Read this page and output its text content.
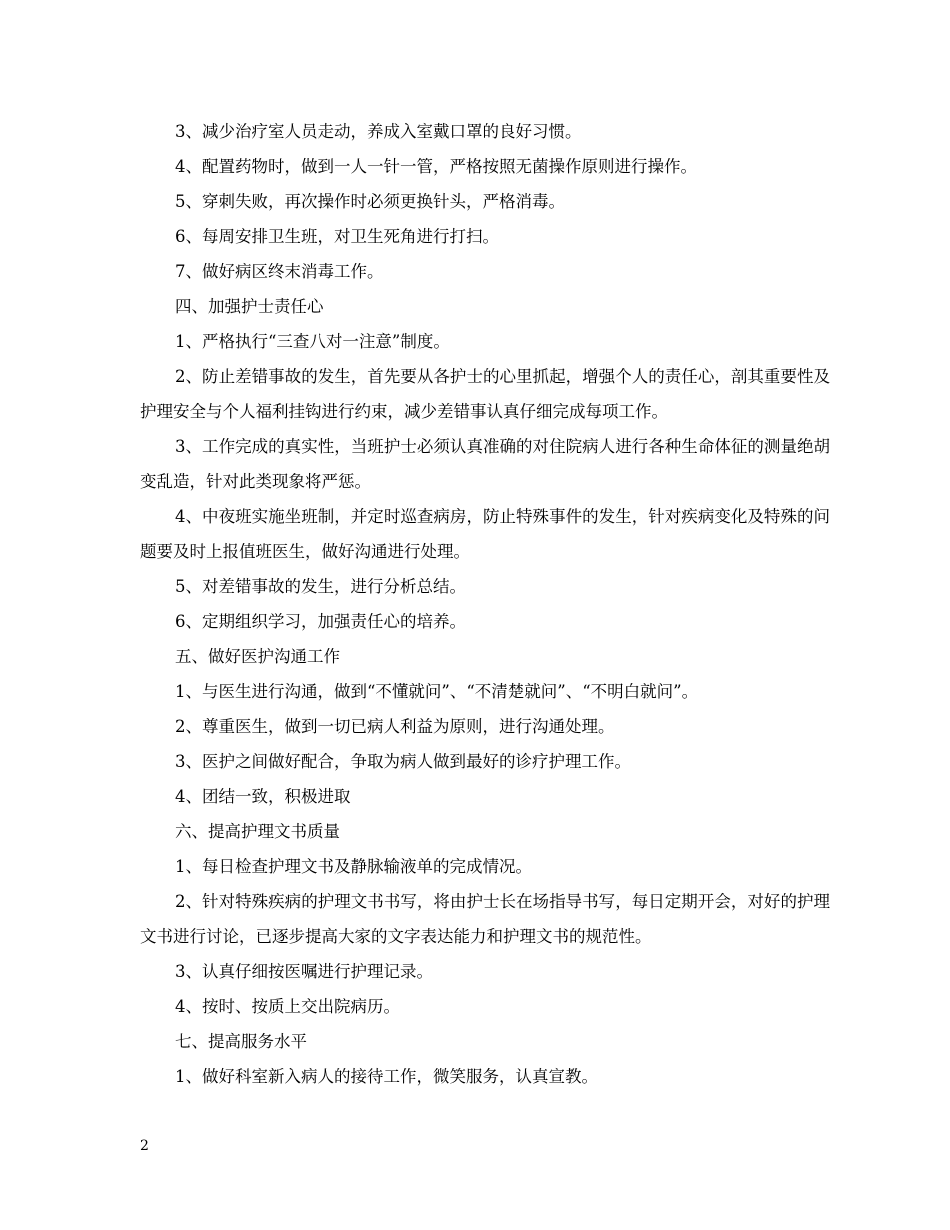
3、减少治疗室人员走动，养成入室戴口罩的良好习惯。

4、配置药物时，做到一人一针一管，严格按照无菌操作原则进行操作。

5、穿刺失败，再次操作时必须更换针头，严格消毒。

6、每周安排卫生班，对卫生死角进行打扫。

7、做好病区终末消毒工作。

四、加强护士责任心

1、严格执行“三查八对一注意”制度。

2、防止差错事故的发生，首先要从各护士的心里抓起，增强个人的责任心，剖其重要性及护理安全与个人福利挂钩进行约束，减少差错事认真仔细完成每项工作。

3、工作完成的真实性，当班护士必须认真准确的对住院病人进行各种生命体征的测量绝胡变乱造，针对此类现象将严惩。

4、中夜班实施坐班制，并定时巡查病房，防止特殊事件的发生，针对疾病变化及特殊的问题要及时上报值班医生，做好沟通进行处理。

5、对差错事故的发生，进行分析总结。

6、定期组织学习，加强责任心的培养。

五、做好医护沟通工作

1、与医生进行沟通，做到“不懂就问”、“不清楚就问”、“不明白就问”。

2、尊重医生，做到一切已病人利益为原则，进行沟通处理。

3、医护之间做好配合，争取为病人做到最好的诊疗护理工作。

4、团结一致，积极进取

六、提高护理文书质量

1、每日检查护理文书及静脉输液单的完成情况。

2、针对特殊疾病的护理文书书写，将由护士长在场指导书写，每日定期开会，对好的护理文书进行讨论，已逐步提高大家的文字表达能力和护理文书的规范性。

3、认真仔细按医嘱进行护理记录。

4、按时、按质上交出院病历。

七、提高服务水平

1、做好科室新入病人的接待工作，微笑服务，认真宣教。

2
